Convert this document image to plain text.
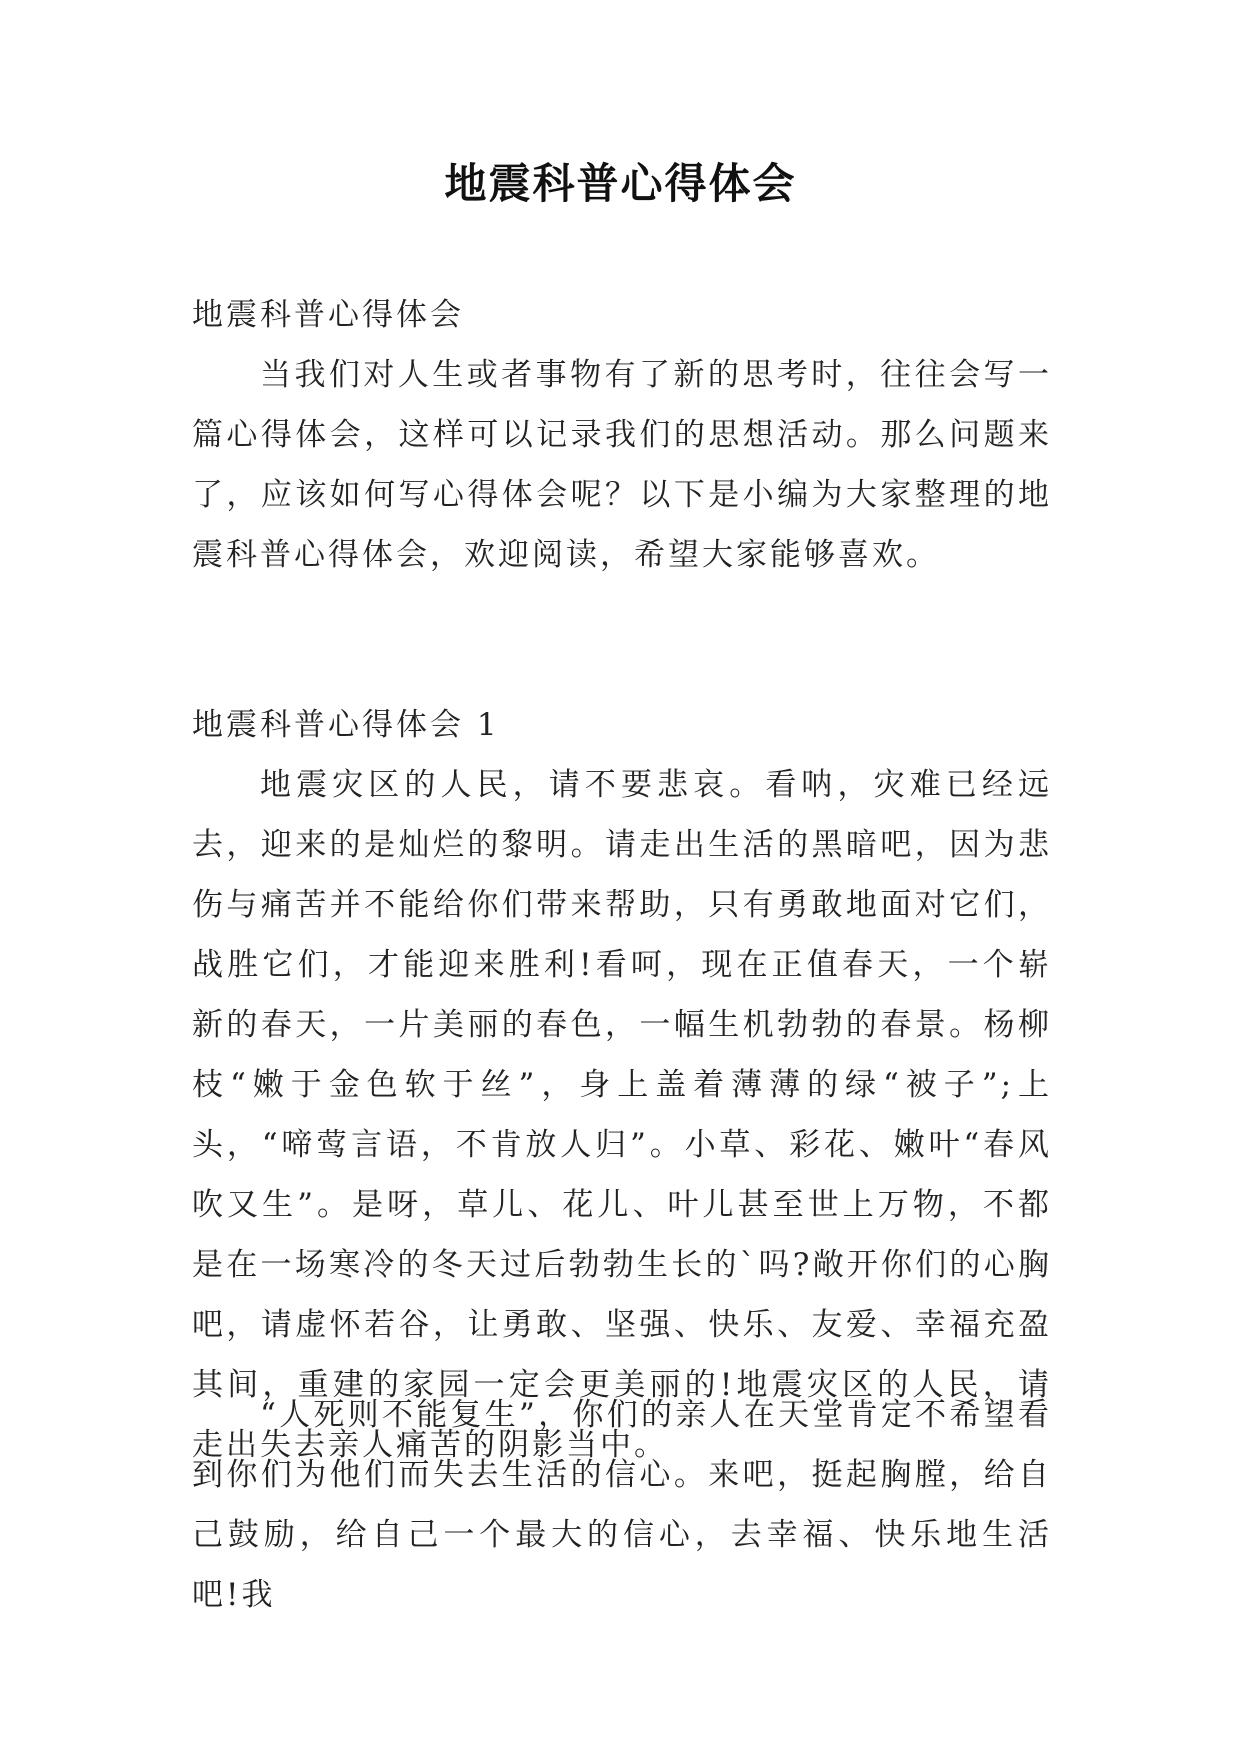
地震科普心得体会

地震科普心得体会

当我们对人生或者事物有了新的思考时，往往会写一篇心得体会，这样可以记录我们的思想活动。那么问题来了，应该如何写心得体会呢？以下是小编为大家整理的地震科普心得体会，欢迎阅读，希望大家能够喜欢。

地震科普心得体会 1

地震灾区的人民，请不要悲哀。看呐，灾难已经远去，迎来的是灿烂的黎明。请走出生活的黑暗吧，因为悲伤与痛苦并不能给你们带来帮助，只有勇敢地面对它们，战胜它们，才能迎来胜利!看呵，现在正值春天，一个崭新的春天，一片美丽的春色，一幅生机勃勃的春景。杨柳枝“嫩于金色软于丝”，身上盖着薄薄的绿“被子”;上头，“啼莺言语，不肯放人归”。小草、彩花、嫩叶“春风吹又生”。是呀，草儿、花儿、叶儿甚至世上万物，不都是在一场寒冷的冬天过后勃勃生长的`吗?敞开你们的心胸吧，请虚怀若谷，让勇敢、坚强、快乐、友爱、幸福充盈其间，重建的家园一定会更美丽的!地震灾区的人民，请走出失去亲人痛苦的阴影当中。

“人死则不能复生”，你们的亲人在天堂肯定不希望看到你们为他们而失去生活的信心。来吧，挺起胸膛，给自己鼓励，给自己一个最大的信心，去幸福、快乐地生活吧!我
